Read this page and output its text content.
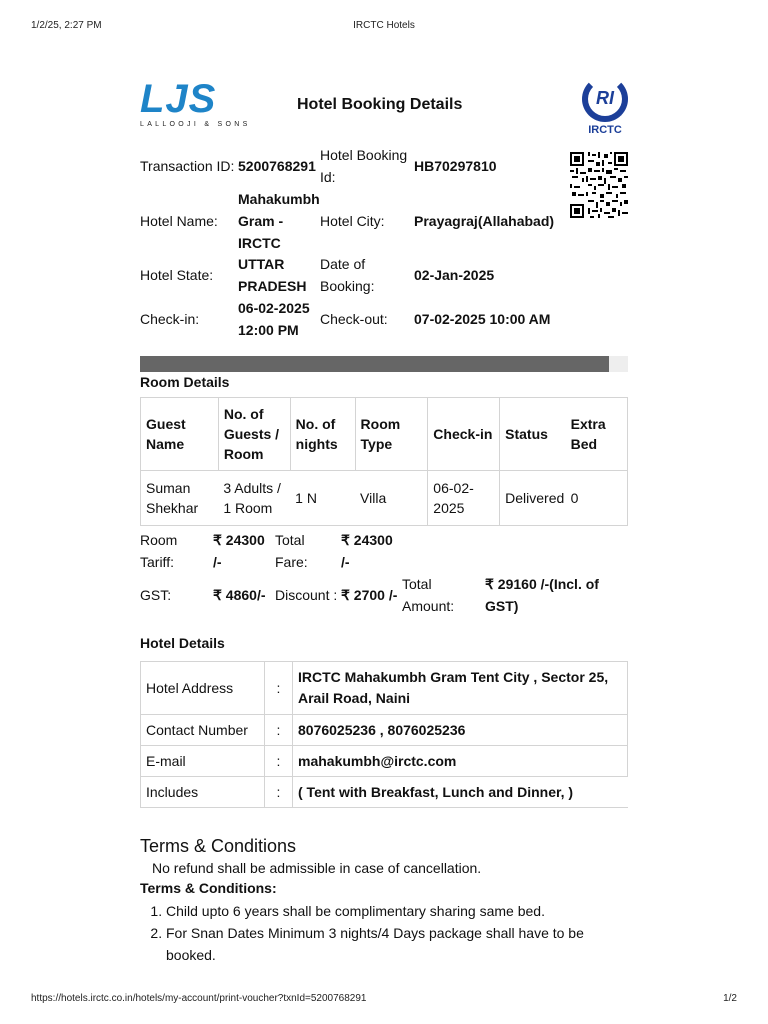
1/2/25, 2:27 PM	IRCTC Hotels
LJS
LALLOOJI & SONS
Hotel Booking Details	RI
IRCTC
Transaction ID: 5200768291
Hotel Booking Id:
HB70297810
Hotel Name:
Mahakumbh Gram - IRCTC
Hotel City: Prayagraj(Allahabad)
Hotel State:
UTTAR PRADESH
Date of Booking:
02-Jan-2025
Check-in:
06-02-2025 12:00 PM
Check-out: 07-02-2025 10:00 AM
Room Details
Guest Name	No. of Guests / Room	No. of nights	Room Type	Check-in	Status	Extra Bed
Suman Shekhar	3 Adults / 1 Room	1 N	Villa	06-02-2025	Delivered	0
Room Tariff:
₹ 24300 /-
Total Fare:
₹ 24300 /-
GST:	₹ 4860/- Discount : ₹ 2700 /-
Total Amount:
₹ 29160 /-(Incl. of GST)
Hotel Details
Hotel Address	:	IRCTC Mahakumbh Gram Tent City , Sector 25, Arail Road, Naini
Contact Number	:	8076025236 , 8076025236
E-mail	:	mahakumbh@irctc.com
Includes	:	( Tent with Breakfast, Lunch and Dinner, )
Terms & Conditions
No refund shall be admissible in case of cancellation.
Terms & Conditions:
1. Child upto 6 years shall be complimentary sharing same bed.
2. For Snan Dates Minimum 3 nights/4 Days package shall have to be booked.
https://hotels.irctc.co.in/hotels/my-account/print-voucher?txnId=5200768291	1/2
